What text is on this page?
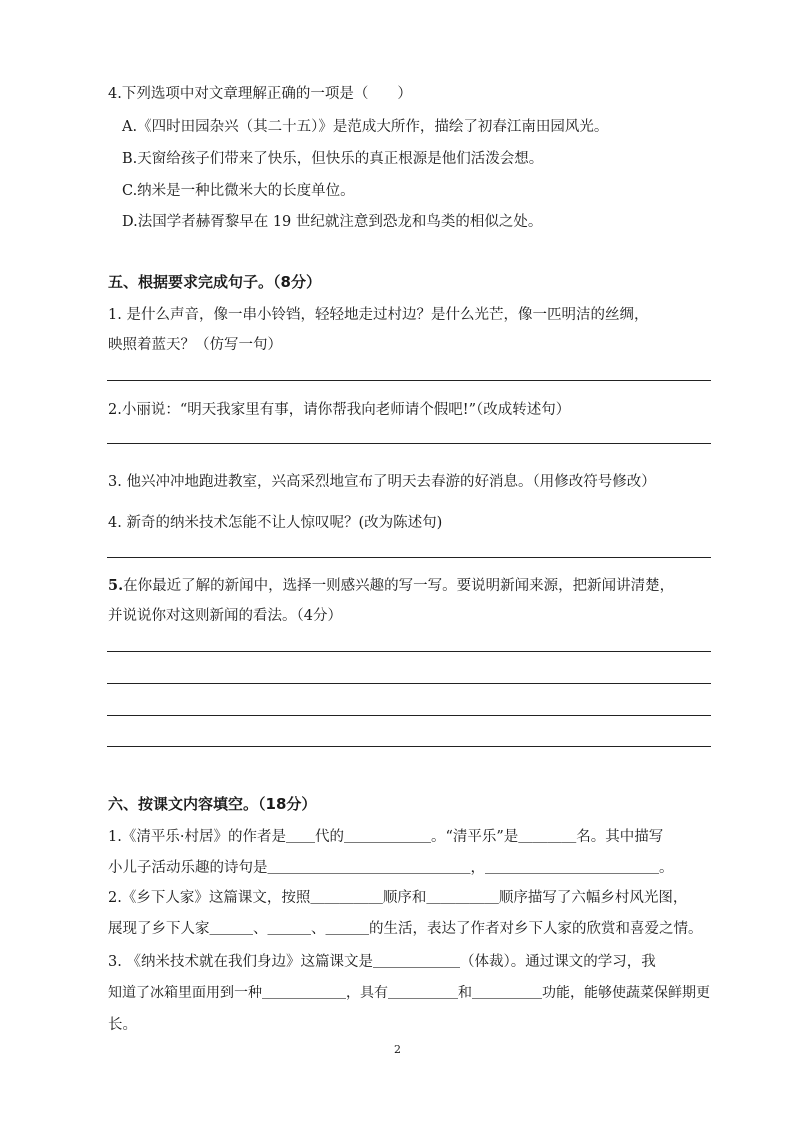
4.下列选项中对文章理解正确的一项是（　　）
A.《四时田园杂兴（其二十五）》是范成大所作，描绘了初春江南田园风光。
B.天窗给孩子们带来了快乐，但快乐的真正根源是他们活泼会想。
C.纳米是一种比微米大的长度单位。
D.法国学者赫胥黎早在 19 世纪就注意到恐龙和鸟类的相似之处。
五、根据要求完成句子。（8分）
1. 是什么声音，像一串小铃铛，轻轻地走过村边？是什么光芒，像一匹明洁的丝绸，
映照着蓝天？（仿写一句）
2.小丽说：“明天我家里有事，请你帮我向老师请个假吧!”（改成转述句）
3. 他兴冲冲地跑进教室，兴高采烈地宣布了明天去春游的好消息。（用修改符号修改）
4. 新奇的纳米技术怎能不让人惊叹呢？(改为陈述句)
5.在你最近了解的新闻中，选择一则感兴趣的写一写。要说明新闻来源，把新闻讲清楚，
并说说你对这则新闻的看法。（4分）
六、按课文内容填空。（18分）
1.《清平乐·村居》的作者是＿＿代的＿＿＿＿＿＿。“清平乐”是＿＿＿＿名。其中描写
小儿子活动乐趣的诗句是＿＿＿＿＿＿＿＿＿＿＿＿＿＿，＿＿＿＿＿＿＿＿＿＿＿＿。
2.《乡下人家》这篇课文，按照＿＿＿＿＿顺序和＿＿＿＿＿顺序描写了六幅乡村风光图，
展现了乡下人家＿＿＿、＿＿＿、＿＿＿的生活，表达了作者对乡下人家的欣赏和喜爱之情。
3. 《纳米技术就在我们身边》这篇课文是＿＿＿＿＿＿（体裁）。通过课文的学习，我
知道了冰箱里面用到一种＿＿＿＿＿＿，具有＿＿＿＿＿和＿＿＿＿＿功能，能够使蔬菜保鲜期更
长。
2
